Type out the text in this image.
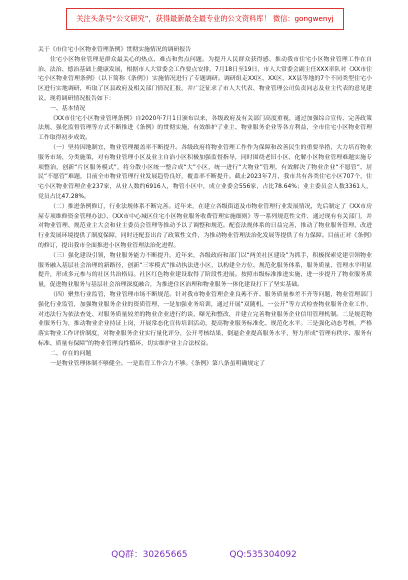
关注头条号“公文研究”，获得最新最全最专业的公文资料库！ 微信：gongwenyj

关于《市住宅小区物业管理条例》贯彻实施情况的调研报告

住宅小区物业管理是群众最关心的热点、难点和焦点问题。为提升人民群众获得感、推动我市住宅小区物业管理工作在自治、法治、德治基础上健康发展，根据市人大常委会工作要点安排，7月18日至19日，市人大常委会副主任XXX率队对《XX市住宅小区物业管理条例》（以下简称《条例》）实施情况进行了专题调研。调研组走XX区、XX区、XX县等地的7个不同类型住宅小区进行实地调研，听取了区县政府及相关部门情况汇报，并广泛征求了市人大代表、物业管理公司负责同志及业主代表的意见建议。现将调研情况报告如下：

一、基本情况

《XX市住宅小区物业管理条例》自2020年7月1日颁布以来，各级政府及有关部门高度重视，通过加强综合宣传、完善政策法规、强化监督管理等方式不断推进《条例》的贯彻实施，有效维护了业主、物业服务企业等各方利益，全市住宅小区物业管理工作取得初步成效。

（一）坚持因地制宜，物业管理覆盖率不断提升。各级政府将物业管理工作作为保障和改善民生的重要举措，大力培育物业服务市场，分类施策，对有物业管理小区及业主自治小区积极加强监督指导，同时围绕老旧小区、化解小区物业管理难题实施专项整治，创新“片区服务模式”，将分散小区统一整合成“大”小区，统一进行“大物业”管理，有效解决了物业企业“不愿管”、居民“不愿管”难题，目前全市物业管理行业发展趋势良好，覆盖率不断提升。截止2023年7月，我市共有各类住宅小区707个，住宅小区物业管理企业237家，从业人数约6916人，物管小区中，成立业委会556家，占比78.64%；业主委员会人数3361人，党员占比47.28%。

（二）推进条例修订，行业法规体系不断完善。近年来，在建立各级街道及市物业管理行业发展情况，先后制定了《XX市房屋专项维修资金管理办法》、《XX市中心城区住宅小区物业服务收费管理实施细则》等一系列规范性文件，通过现有有关部门，并对物业管理、规范业主大会和业主委员会管理等推动予以了调整和规范。配套法规体系的日益完善，推动了物业服务管理、改进行业发展环境提供了制度保障，同时还配套出台了政策性文件，为推动物业管理法治化发展等提供了有力保障。目前正对《条例》的修订，提出我市全面推进小区物业管理法治化进程。

（三）强化建设引领，物业服务能力不断提升。近年来，各级政府和部门以“两美社区建设”为抓手，积极探索党建引领物业服务融入基层社会治理的新路径，创新“三零模式”推动执法进小区，以构建全方位、规范化服务体系，服务质量、管理水平明显提升，形成多元参与的社区共治格局。社区红色物业建设取得了阶段性进展。按照市级标准推进实施，进一步提升了物业服务质量，促进物业服务与基层社会治理深度融合，为推进住区治理和物业服务一体化建设打下了坚实基础。

（四）聚焦行业监管，物业管理市场不断规范。针对我市物业管理企业良莠不齐、服务质量参差不齐等问题，物业管理部门强化行业监管，加强物业服务企业的资质管理，一是加强业务培训，通过开展“双随机、一公开”等方式检查物业服务企业工作，对违法行为依法查处、对服务质量较差的物业企业进行约谈、曝光和整改，并建立完善物业服务企业信用管理机制。二是规范物业服务行为，推动物业企业持证上岗，开展常态化宣传培训活动，提高物业服务标准化、规范化水平。三是强化动态考核，严格落实物业工作评价制度，对物业服务企业实行量化评分，公开考核结果，倒逼企业提高服务水平，努力形成“管理有秩序、服务有标准、质量有保障”的物业管理良性循环，切实维护业主合法权益。

二、存在的问题

一是物业管理体制不够健全。一是监管工作合力不够。《条例》第八条虽明确规定了

QQ群：30265665	QQ:535304092
